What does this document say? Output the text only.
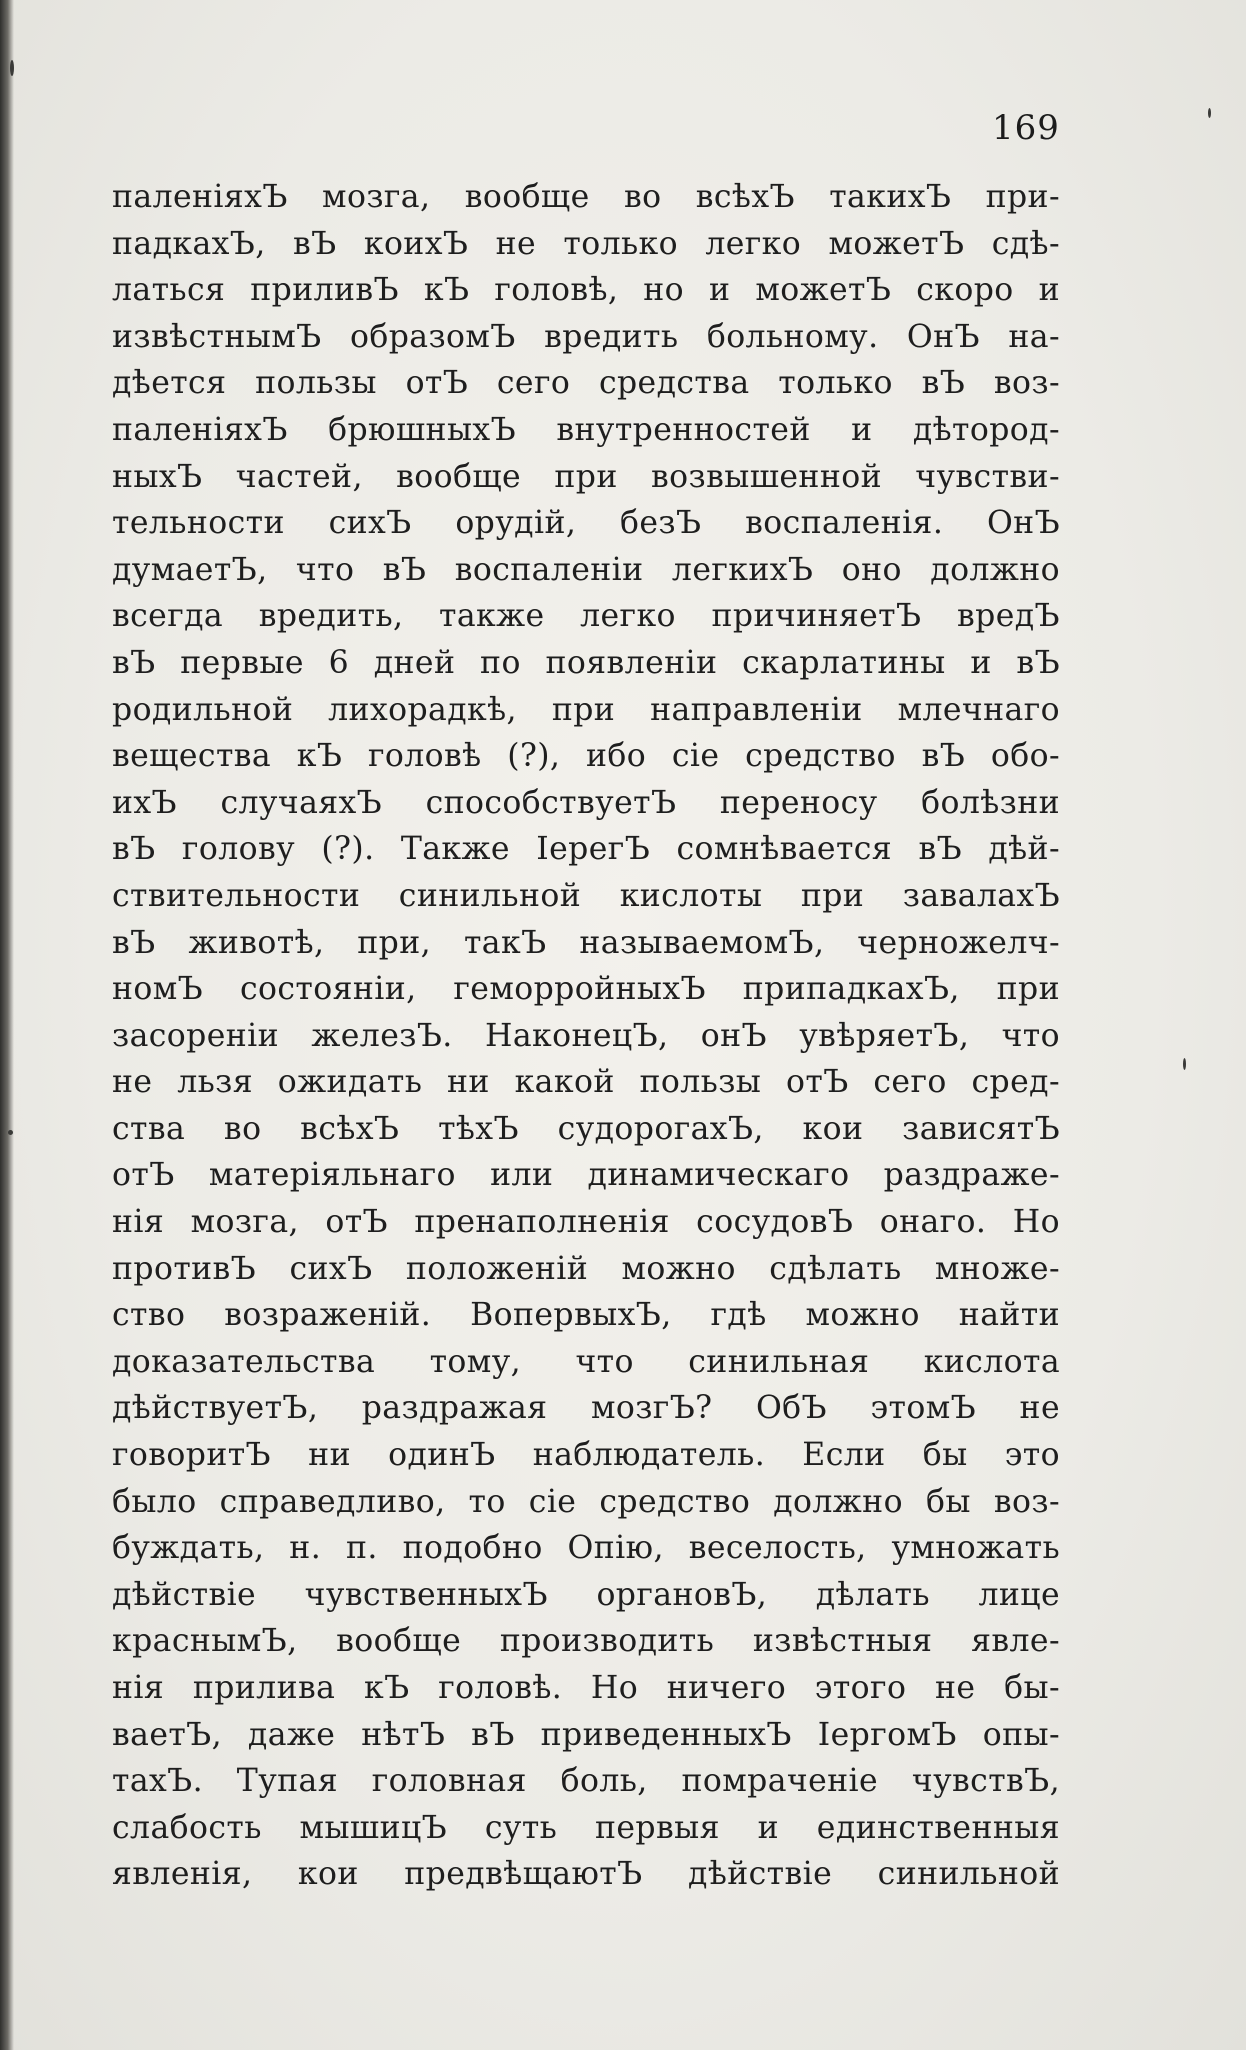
169
паленіяхЪ мозга, вообще во всѣхЪ такихЪ при-
падкахЪ, вЪ коихЪ не только легко можетЪ сдѣ-
латься приливЪ кЪ головѣ, но и можетЪ скоро и
извѣстнымЪ образомЪ вредить больному. ОнЪ на-
дѣется пользы отЪ сего средства только вЪ воз-
паленіяхЪ брюшныхЪ внутренностей и дѣтород-
ныхЪ частей, вообще при возвышенной чувстви-
тельности сихЪ орудій, безЪ воспаленія. ОнЪ
думаетЪ, что вЪ воспаленіи легкихЪ оно должно
всегда вредить, также легко причиняетЪ вредЪ
вЪ первые 6 дней по появленіи скарлатины и вЪ
родильной лихорадкѣ, при направленіи млечнаго
вещества кЪ головѣ (?), ибо сіе средство вЪ обо-
ихЪ случаяхЪ способствуетЪ переносу болѣзни
вЪ голову (?). Также ІерегЪ сомнѣвается вЪ дѣй-
ствительности синильной кислоты при завалахЪ
вЪ животѣ, при, такЪ называемомЪ, черножелч-
номЪ состояніи, геморройныхЪ припадкахЪ, при
засореніи железЪ. НаконецЪ, онЪ увѣряетЪ, что
не льзя ожидать ни какой пользы отЪ сего сред-
ства во всѣхЪ тѣхЪ судорогахЪ, кои зависятЪ
отЪ матеріяльнаго или динамическаго раздраже-
нія мозга, отЪ пренаполненія сосудовЪ онаго. Но
противЪ сихЪ положеній можно сдѣлать множе-
ство возраженій. ВопервыхЪ, гдѣ можно найти
доказательства тому, что синильная кислота
дѣйствуетЪ, раздражая мозгЪ? ОбЪ этомЪ не
говоритЪ ни одинЪ наблюдатель. Если бы это
было справедливо, то сіе средство должно бы воз-
буждать, н. п. подобно Опію, веселость, умножать
дѣйствіе чувственныхЪ органовЪ, дѣлать лице
краснымЪ, вообще производить извѣстныя явле-
нія прилива кЪ головѣ. Но ничего этого не бы-
ваетЪ, даже нѣтЪ вЪ приведенныхЪ ІергомЪ опы-
тахЪ. Тупая головная боль, помраченіе чувствЪ,
слабость мышицЪ суть первыя и единственныя
явленія, кои предвѣщаютЪ дѣйствіе синильной
